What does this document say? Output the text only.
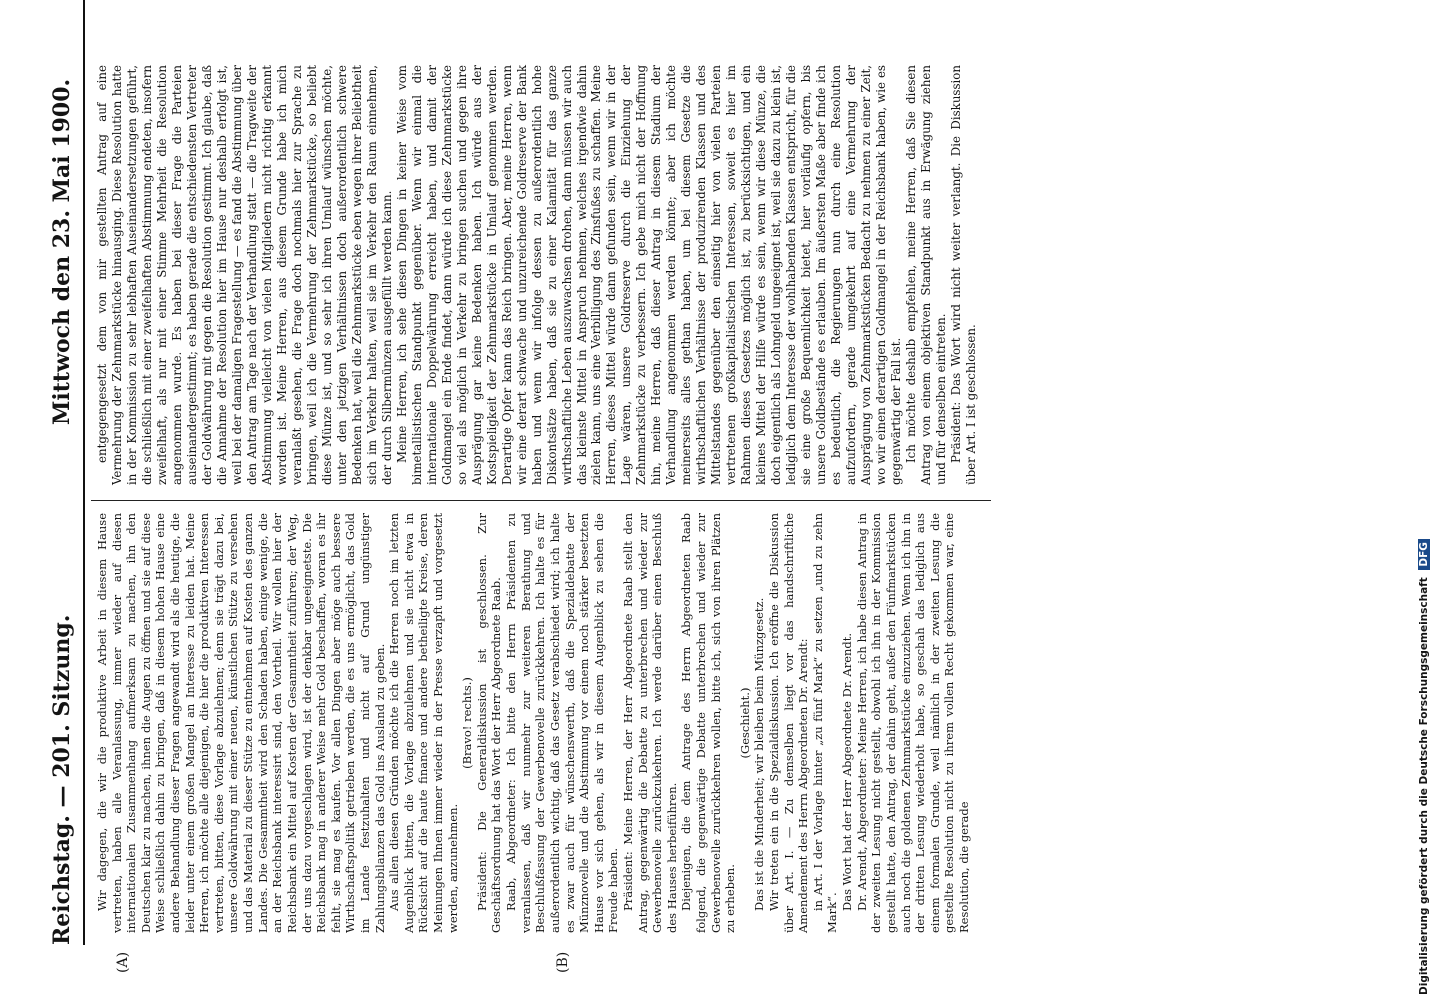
Reichstag. — 201. Sitzung.
Mittwoch den 23. Mai 1900.
(A)	(B)

Wir dagegen, die wir die produktive Arbeit in diesem Hause vertreten, haben alle Veranlassung, immer wieder auf diesen internationalen Zusammenhang aufmerksam zu machen, ihn den Deutschen klar zu machen, ihnen die Augen zu öffnen und sie auf diese Weise schließlich dahin zu bringen, daß in diesem hohen Hause eine andere Behandlung dieser Fragen angewandt wird als die heutige, die leider unter einem großen Mangel an Interesse zu leiden hat. Meine Herren, ich möchte alle diejenigen, die hier die produktiven Interessen vertreten, bitten, diese Vorlage abzulehnen; denn sie trägt dazu bei, unsere Goldwährung mit einer neuen, künstlichen Stütze zu versehen und das Material zu dieser Stütze zu entnehmen auf Kosten des ganzen Landes. Die Gesammtheit wird den Schaden haben, einige wenige, die an der Reichsbank interessirt sind, den Vortheil. Wir wollen hier der Reichsbank ein Mittel auf Kosten der Gesammtheit zuführen; der Weg, der uns dazu vorgeschlagen wird, ist der denkbar ungeeignetste. Die Reichsbank mag in anderer Weise mehr Gold beschaffen, woran es ihr fehlt, sie mag es kaufen. Vor allen Dingen aber möge auch bessere Wirthschaftspolitik getrieben werden, die es uns ermöglicht, das Gold im Lande festzuhalten und nicht auf Grund ungünstiger Zahlungsbilanzen das Gold ins Ausland zu geben. Aus allen diesen Gründen möchte ich die Herren noch im letzten Augenblick bitten, die Vorlage abzulehnen und sie nicht etwa in Rücksicht auf die haute finance und andere betheiligte Kreise, deren Meinungen Ihnen immer wieder in der Presse verzapft und vorgesetzt werden, anzunehmen.

(Bravo! rechts.) Präsident: Die Generaldiskussion ist geschlossen. Zur Geschäftsordnung hat das Wort der Herr Abgeordnete Raab. Raab, Abgeordneter: Ich bitte den Herrn Präsidenten zu veranlassen, daß wir nunmehr zur weiteren Berathung und Beschlußfassung der Gewerbenovelle zurückkehren. Ich halte es für außerordentlich wichtig, daß das Gesetz verabschiedet wird; ich halte es zwar auch für wünschenswerth, daß die Spezialdebatte der Münznovelle und die Abstimmung vor einem noch stärker besetzten Hause vor sich gehen, als wir in diesem Augenblick zu sehen die Freude haben. Präsident: Meine Herren, der Herr Abgeordnete Raab stellt den Antrag, gegenwärtig die Debatte zu unterbrechen und wieder zur Gewerbenovelle zurückzukehren. Ich werde darüber einen Beschluß des Hauses herbeiführen. Diejenigen, die dem Antrage des Herrn Abgeordneten Raab folgend, die gegenwärtige Debatte unterbrechen und wieder zur Gewerbenovelle zurückkehren wollen, bitte ich, sich von ihren Plätzen zu erheben.

(Geschieht.) Das ist die Minderheit; wir bleiben beim Münzgesetz. Wir treten ein in die Spezialdiskussion. Ich eröffne die Diskussion über Art. I. — Zu demselben liegt vor das handschriftliche Amendement des Herrn Abgeordneten Dr. Arendt: in Art. I der Vorlage hinter „zu fünf Mark“ zu setzen „und zu zehn Mark“.

Das Wort hat der Herr Abgeordnete Dr. Arendt. Dr. Arendt, Abgeordneter: Meine Herren, ich habe diesen Antrag in der zweiten Lesung nicht gestellt, obwohl ich ihn in der Kommission gestellt hatte, den Antrag, der dahin geht, außer den Fünfmarkstücken auch noch die goldenen Zehnmarkstücke einzuziehen. Wenn ich ihn in der dritten Lesung wiederholt habe, so geschah das lediglich aus einem formalen Grunde, weil nämlich in der zweiten Lesung die gestellte Resolution nicht zu ihrem vollen Recht gekommen war, eine Resolution, die gerade

entgegengesetzt dem von mir gestellten Antrag auf eine Vermehrung der Zehnmarkstücke hinausging. Diese Resolution hatte in der Kommission zu sehr lebhaften Auseinandersetzungen geführt, die schließlich mit einer zweifelhaften Abstimmung endeten, insofern zweifelhaft, als nur mit einer Stimme Mehrheit die Resolution angenommen wurde. Es haben bei dieser Frage die Parteien auseinandergestimmt; es haben gerade die entschiedensten Vertreter der Goldwährung mit gegen die Resolution gestimmt. Ich glaube, daß die Annahme der Resolution hier im Hause nur deshalb erfolgt ist, weil bei der damaligen Fragestellung — es fand die Abstimmung über den Antrag am Tage nach der Verhandlung statt — die Tragweite der Abstimmung vielleicht von vielen Mitgliedern nicht richtig erkannt worden ist. Meine Herren, aus diesem Grunde habe ich mich veranlaßt gesehen, die Frage doch nochmals hier zur Sprache zu bringen, weil ich die Vermehrung der Zehnmarkstücke, so beliebt diese Münze ist, und so sehr ich ihren Umlauf wünschen möchte, unter den jetzigen Verhältnissen doch außerordentlich schwere Bedenken hat, weil die Zehnmarkstücke eben wegen ihrer Beliebtheit sich im Verkehr halten, weil sie im Verkehr den Raum einnehmen, der durch Silbermünzen ausgefüllt werden kann. Meine Herren, ich sehe diesen Dingen in keiner Weise vom bimetallistischen Standpunkt gegenüber. Wenn wir einmal die internationale Doppelwährung erreicht haben, und damit der Goldmangel ein Ende findet, dann würde ich diese Zehnmarkstücke so viel als möglich in Verkehr zu bringen suchen und gegen ihre Ausprägung gar keine Bedenken haben. Ich würde aus der Kostspieligkeit der Zehnmarkstücke in Umlauf genommen werden. Derartige Opfer kann das Reich bringen. Aber, meine Herren, wenn wir eine derart schwache und unzureichende Goldreserve der Bank haben und wenn wir infolge dessen zu außerordentlich hohe Diskontsätze haben, daß sie zu einer Kalamität für das ganze wirthschaftliche Leben auszuwachsen drohen, dann müssen wir auch das kleinste Mittel in Anspruch nehmen, welches irgendwie dahin zielen kann, uns eine Verbilligung des Zinsfußes zu schaffen. Meine Herren, dieses Mittel würde dann gefunden sein, wenn wir in der Lage wären, unsere Goldreserve durch die Einziehung der Zehnmarkstücke zu verbessern. Ich gebe mich nicht der Hoffnung hin, meine Herren, daß dieser Antrag in diesem Stadium der Verhandlung angenommen werden könnte; aber ich möchte meinerseits alles gethan haben, um bei diesem Gesetze die wirthschaftlichen Verhältnisse der produzirenden Klassen und des Mittelstandes gegenüber den einseitig hier von vielen Parteien vertretenen großkapitalistischen Interessen, soweit es hier im Rahmen dieses Gesetzes möglich ist, zu berücksichtigen, und ein kleines Mittel der Hilfe würde es sein, wenn wir diese Münze, die doch eigentlich als Lohngeld ungeeignet ist, weil sie dazu zu klein ist, lediglich dem Interesse der wohlhabenden Klassen entspricht, für die sie eine große Bequemlichkeit bietet, hier vorläufig opfern, bis unsere Goldbestände es erlauben. Im äußersten Maße aber finde ich es bedeutlich, die Regierungen nun durch eine Resolution aufzufordern, gerade umgekehrt auf eine Vermehrung der Ausprägung von Zehnmarkstücken Bedacht zu nehmen zu einer Zeit, wo wir einen derartigen Goldmangel in der Reichsbank haben, wie es gegenwärtig der Fall ist. Ich möchte deshalb empfehlen, meine Herren, daß Sie diesen Antrag von einem objektiven Standpunkt aus in Erwägung ziehen und für denselben eintreten. Präsident: Das Wort wird nicht weiter verlangt. Die Diskussion über Art. I ist geschlossen.

Digitalisierung gefördert durch die Deutsche Forschungsgemeinschaft DFG
